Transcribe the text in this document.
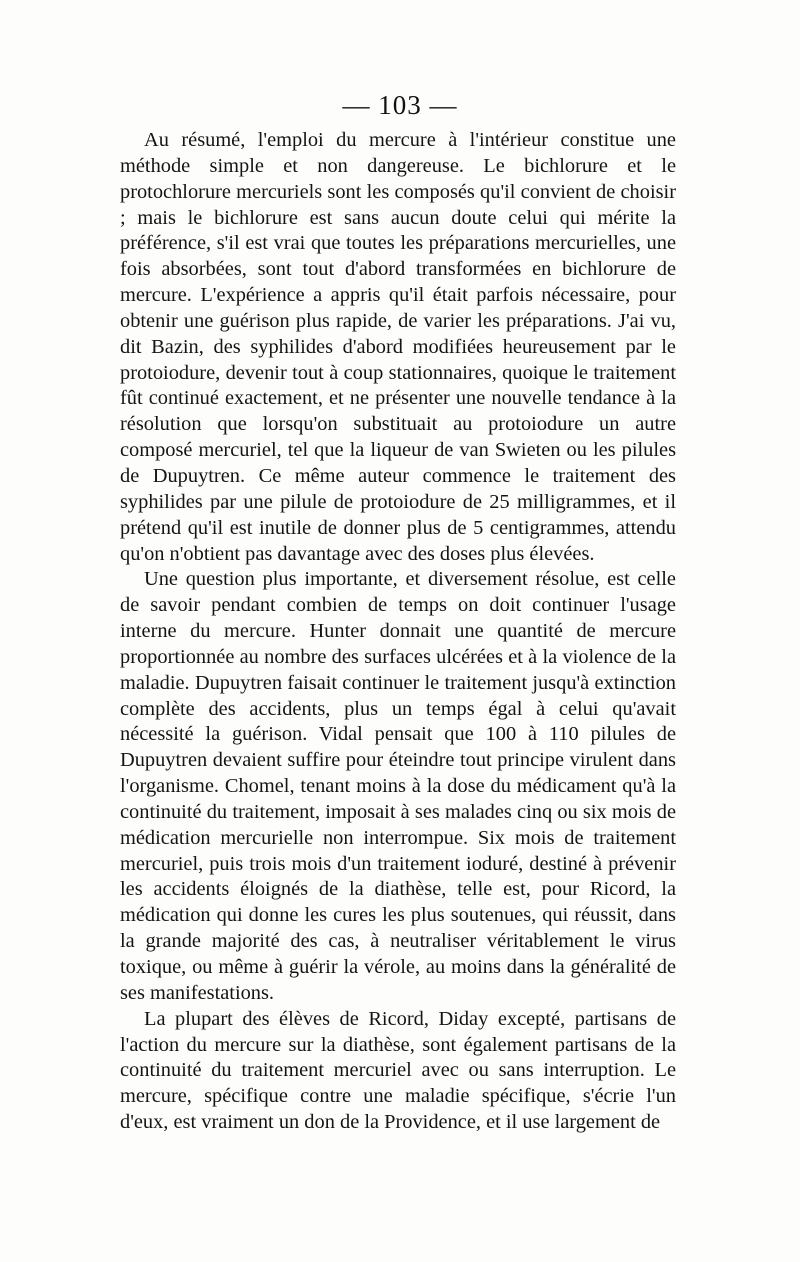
— 103 —

Au résumé, l'emploi du mercure à l'intérieur constitue une méthode simple et non dangereuse. Le bichlorure et le protochlorure mercuriels sont les composés qu'il convient de choisir ; mais le bichlorure est sans aucun doute celui qui mérite la préférence, s'il est vrai que toutes les préparations mercurielles, une fois absorbées, sont tout d'abord transformées en bichlorure de mercure. L'expérience a appris qu'il était parfois nécessaire, pour obtenir une guérison plus rapide, de varier les préparations. J'ai vu, dit Bazin, des syphilides d'abord modifiées heureusement par le protoiodure, devenir tout à coup stationnaires, quoique le traitement fût continué exactement, et ne présenter une nouvelle tendance à la résolution que lorsqu'on substituait au protoiodure un autre composé mercuriel, tel que la liqueur de van Swieten ou les pilules de Dupuytren. Ce même auteur commence le traitement des syphilides par une pilule de protoiodure de 25 milligrammes, et il prétend qu'il est inutile de donner plus de 5 centigrammes, attendu qu'on n'obtient pas davantage avec des doses plus élevées.

Une question plus importante, et diversement résolue, est celle de savoir pendant combien de temps on doit continuer l'usage interne du mercure. Hunter donnait une quantité de mercure proportionnée au nombre des surfaces ulcérées et à la violence de la maladie. Dupuytren faisait continuer le traitement jusqu'à extinction complète des accidents, plus un temps égal à celui qu'avait nécessité la guérison. Vidal pensait que 100 à 110 pilules de Dupuytren devaient suffire pour éteindre tout principe virulent dans l'organisme. Chomel, tenant moins à la dose du médicament qu'à la continuité du traitement, imposait à ses malades cinq ou six mois de médication mercurielle non interrompue. Six mois de traitement mercuriel, puis trois mois d'un traitement ioduré, destiné à prévenir les accidents éloignés de la diathèse, telle est, pour Ricord, la médication qui donne les cures les plus soutenues, qui réussit, dans la grande majorité des cas, à neutraliser véritablement le virus toxique, ou même à guérir la vérole, au moins dans la généralité de ses manifestations.

La plupart des élèves de Ricord, Diday excepté, partisans de l'action du mercure sur la diathèse, sont également partisans de la continuité du traitement mercuriel avec ou sans interruption. Le mercure, spécifique contre une maladie spécifique, s'écrie l'un d'eux, est vraiment un don de la Providence, et il use largement de
